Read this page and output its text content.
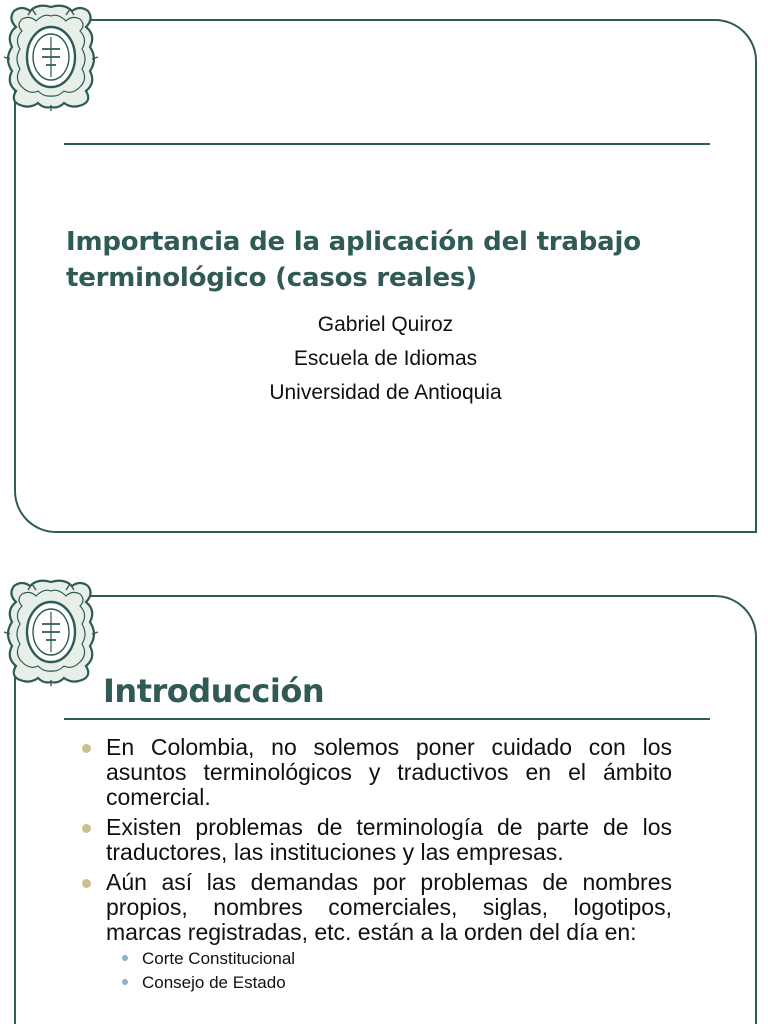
Importancia de la aplicación del trabajo terminológico (casos reales)

Gabriel Quiroz

Escuela de Idiomas

Universidad de Antioquia

Introducción
En Colombia, no solemos poner cuidado con los asuntos terminológicos y traductivos en el ámbito comercial.
Existen problemas de terminología de parte de los traductores, las instituciones y las empresas.
Aún así las demandas por problemas de nombres propios, nombres comerciales, siglas, logotipos, marcas registradas, etc. están a la orden del día en:
Corte Constitucional
Consejo de Estado
